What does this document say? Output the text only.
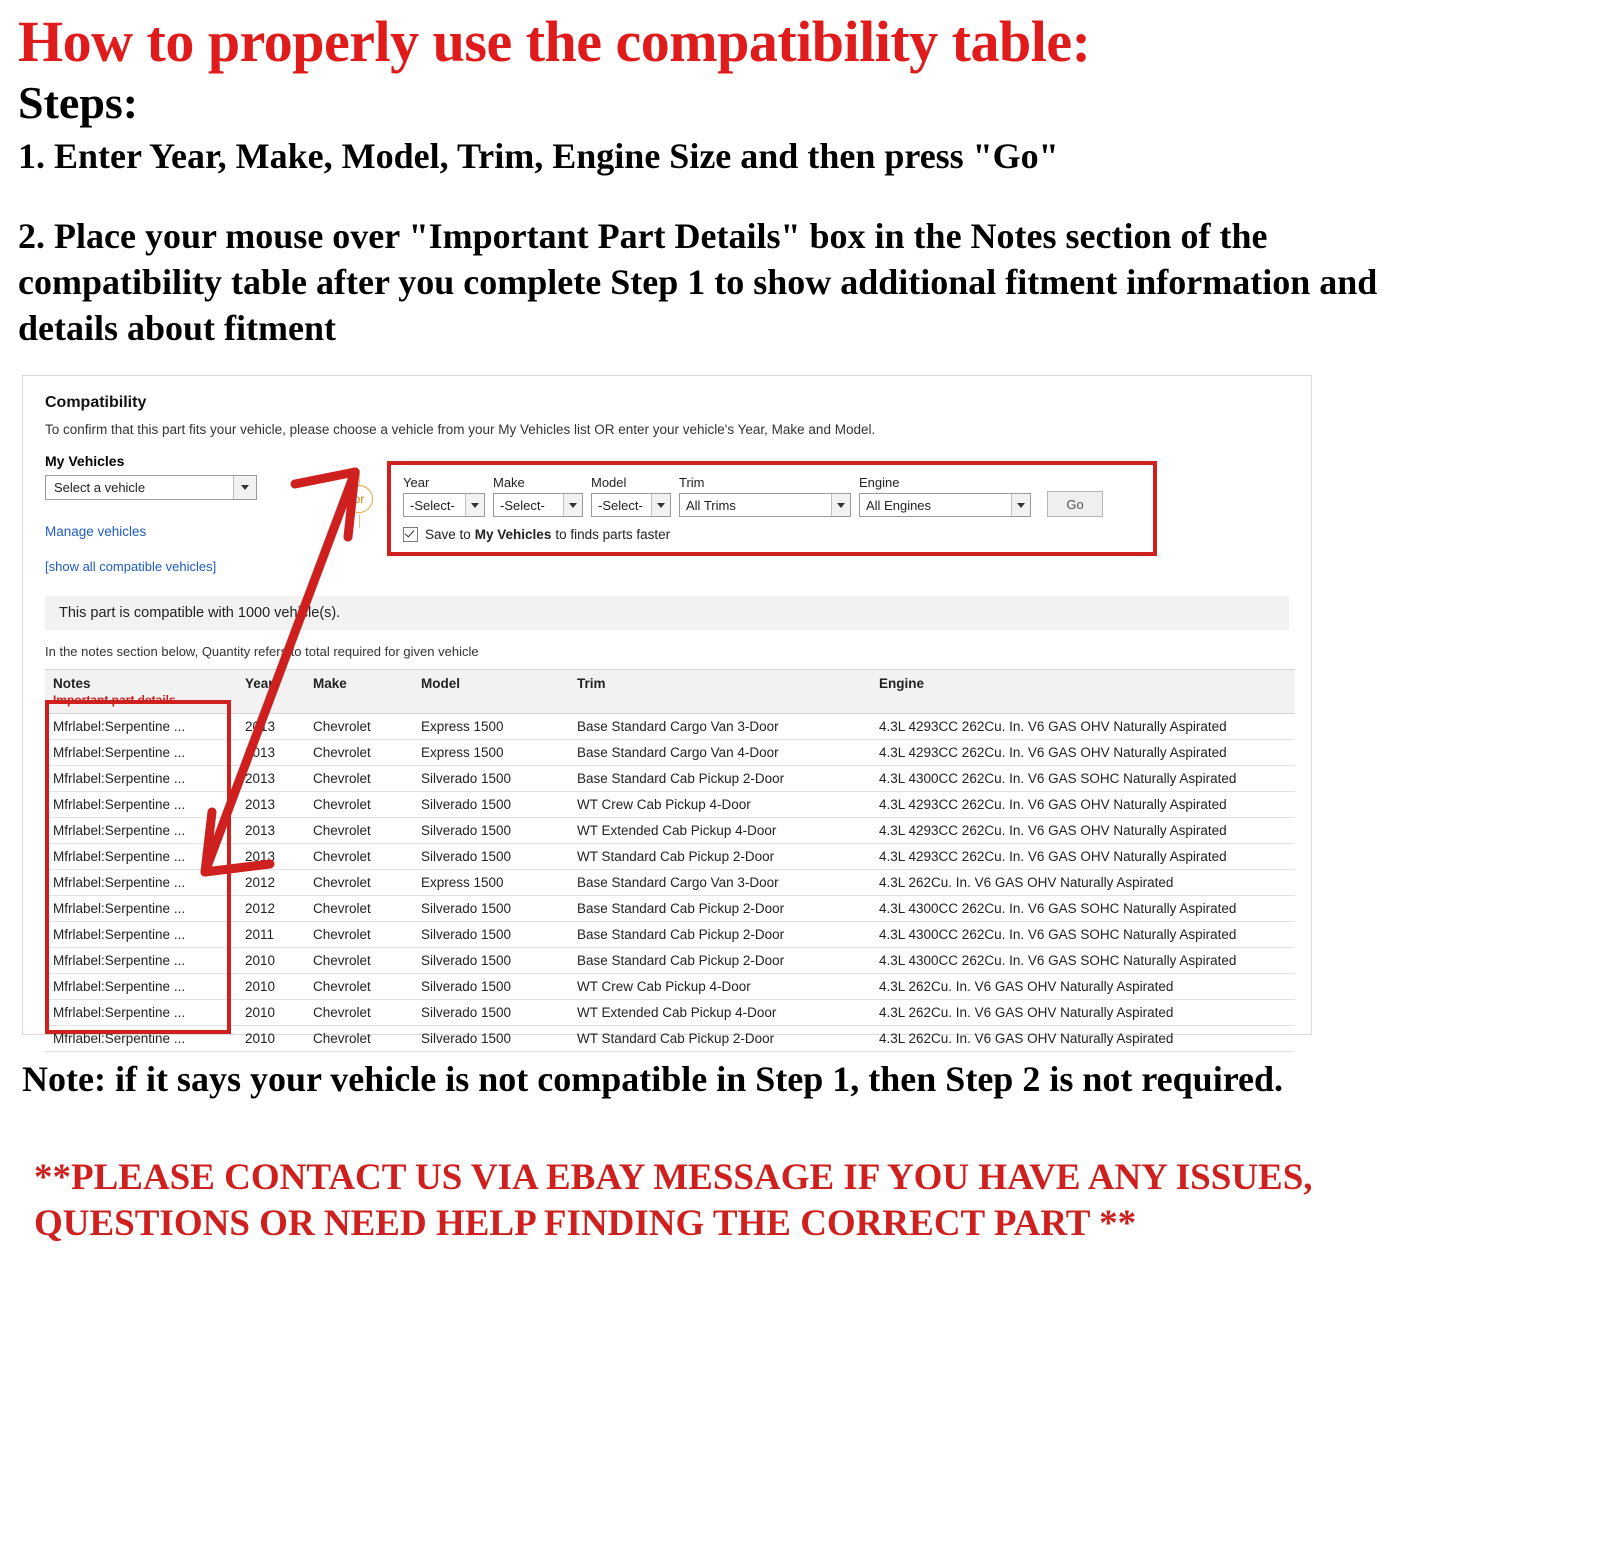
How to properly use the compatibility table:
Steps:
1. Enter Year, Make, Model, Trim, Engine Size and then press "Go"
2. Place your mouse over "Important Part Details" box in the Notes section of the compatibility table after you complete Step 1 to show additional fitment information and details about fitment
Compatibility
To confirm that this part fits your vehicle, please choose a vehicle from your My Vehicles list OR enter your vehicle's Year, Make and Model.
My Vehicles
Select a vehicle
Manage vehicles
[show all compatible vehicles]
or
Year
-Select-
Make
-Select-
Model
-Select-
Trim
All Trims
Engine
All Engines	Go
Save to My Vehicles to finds parts faster
This part is compatible with 1000 vehicle(s).
In the notes section below, Quantity refers to total required for given vehicle
Notes
Important part details	Year	Make	Model	Trim	Engine
Mfrlabel:Serpentine ...	2013	Chevrolet	Express 1500	Base Standard Cargo Van 3-Door	4.3L 4293CC 262Cu. In. V6 GAS OHV Naturally Aspirated
Mfrlabel:Serpentine ...	2013	Chevrolet	Express 1500	Base Standard Cargo Van 4-Door	4.3L 4293CC 262Cu. In. V6 GAS OHV Naturally Aspirated
Mfrlabel:Serpentine ...	2013	Chevrolet	Silverado 1500	Base Standard Cab Pickup 2-Door	4.3L 4300CC 262Cu. In. V6 GAS SOHC Naturally Aspirated
Mfrlabel:Serpentine ...	2013	Chevrolet	Silverado 1500	WT Crew Cab Pickup 4-Door	4.3L 4293CC 262Cu. In. V6 GAS OHV Naturally Aspirated
Mfrlabel:Serpentine ...	2013	Chevrolet	Silverado 1500	WT Extended Cab Pickup 4-Door	4.3L 4293CC 262Cu. In. V6 GAS OHV Naturally Aspirated
Mfrlabel:Serpentine ...	2013	Chevrolet	Silverado 1500	WT Standard Cab Pickup 2-Door	4.3L 4293CC 262Cu. In. V6 GAS OHV Naturally Aspirated
Mfrlabel:Serpentine ...	2012	Chevrolet	Express 1500	Base Standard Cargo Van 3-Door	4.3L 262Cu. In. V6 GAS OHV Naturally Aspirated
Mfrlabel:Serpentine ...	2012	Chevrolet	Silverado 1500	Base Standard Cab Pickup 2-Door	4.3L 4300CC 262Cu. In. V6 GAS SOHC Naturally Aspirated
Mfrlabel:Serpentine ...	2011	Chevrolet	Silverado 1500	Base Standard Cab Pickup 2-Door	4.3L 4300CC 262Cu. In. V6 GAS SOHC Naturally Aspirated
Mfrlabel:Serpentine ...	2010	Chevrolet	Silverado 1500	Base Standard Cab Pickup 2-Door	4.3L 4300CC 262Cu. In. V6 GAS SOHC Naturally Aspirated
Mfrlabel:Serpentine ...	2010	Chevrolet	Silverado 1500	WT Crew Cab Pickup 4-Door	4.3L 262Cu. In. V6 GAS OHV Naturally Aspirated
Mfrlabel:Serpentine ...	2010	Chevrolet	Silverado 1500	WT Extended Cab Pickup 4-Door	4.3L 262Cu. In. V6 GAS OHV Naturally Aspirated
Mfrlabel:Serpentine ...	2010	Chevrolet	Silverado 1500	WT Standard Cab Pickup 2-Door	4.3L 262Cu. In. V6 GAS OHV Naturally Aspirated
Note: if it says your vehicle is not compatible in Step 1, then Step 2 is not required.
**PLEASE CONTACT US VIA EBAY MESSAGE IF YOU HAVE ANY ISSUES, QUESTIONS OR NEED HELP FINDING THE CORRECT PART **
